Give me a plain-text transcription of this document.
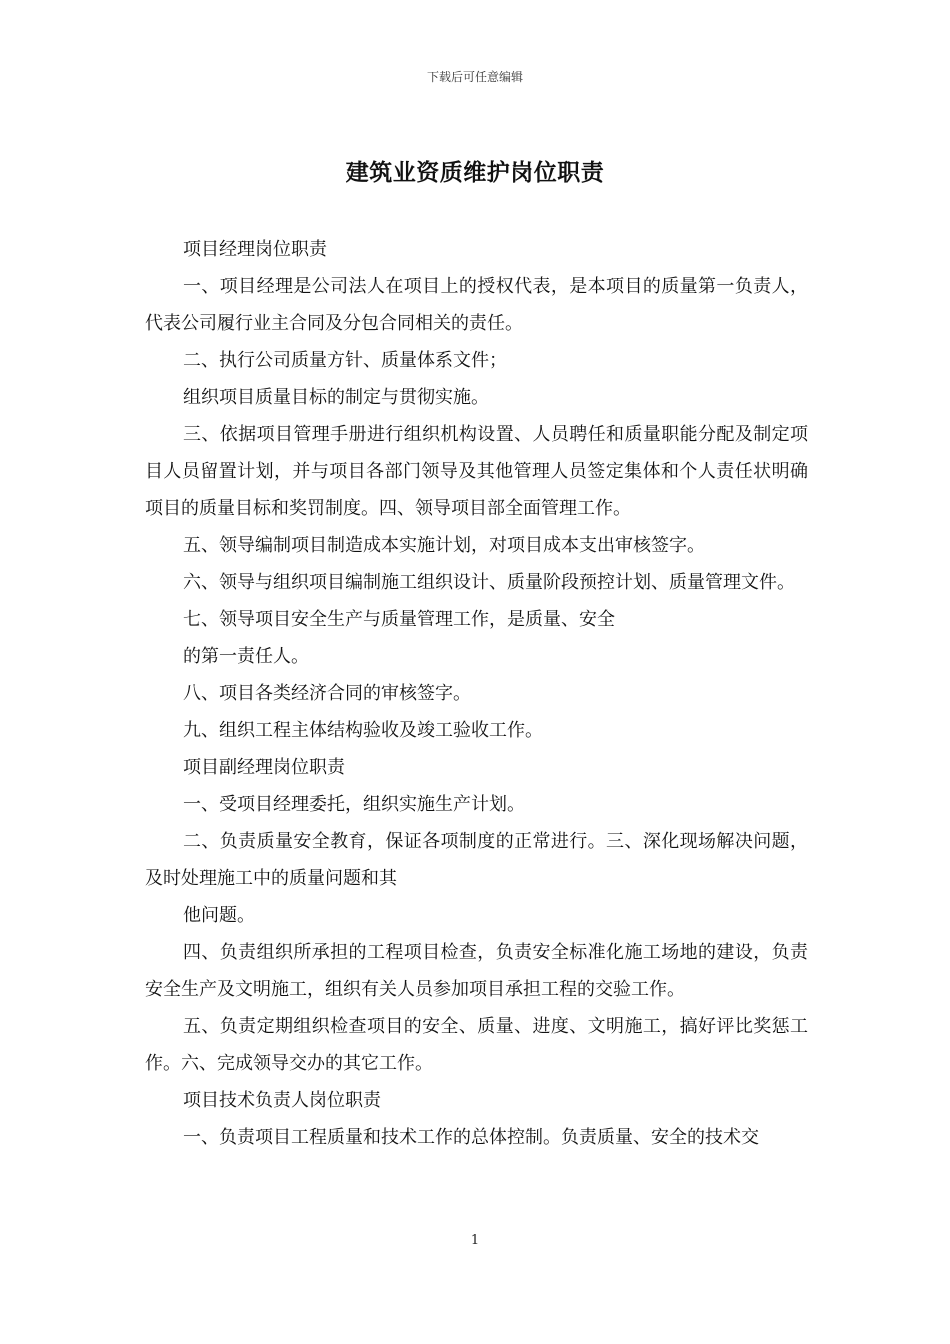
下载后可任意编辑
建筑业资质维护岗位职责

项目经理岗位职责

一、项目经理是公司法人在项目上的授权代表，是本项目的质量第一负责人，代表公司履行业主合同及分包合同相关的责任。

二、执行公司质量方针、质量体系文件；

组织项目质量目标的制定与贯彻实施。

三、依据项目管理手册进行组织机构设置、人员聘任和质量职能分配及制定项目人员留置计划，并与项目各部门领导及其他管理人员签定集体和个人责任状明确项目的质量目标和奖罚制度。四、领导项目部全面管理工作。

五、领导编制项目制造成本实施计划，对项目成本支出审核签字。

六、领导与组织项目编制施工组织设计、质量阶段预控计划、质量管理文件。

七、领导项目安全生产与质量管理工作，是质量、安全

的第一责任人。

八、项目各类经济合同的审核签字。

九、组织工程主体结构验收及竣工验收工作。

项目副经理岗位职责

一、受项目经理委托，组织实施生产计划。

二、负责质量安全教育，保证各项制度的正常进行。三、深化现场解决问题，及时处理施工中的质量问题和其

他问题。

四、负责组织所承担的工程项目检查，负责安全标准化施工场地的建设，负责安全生产及文明施工，组织有关人员参加项目承担工程的交验工作。

五、负责定期组织检查项目的安全、质量、进度、文明施工，搞好评比奖惩工作。六、完成领导交办的其它工作。

项目技术负责人岗位职责

一、负责项目工程质量和技术工作的总体控制。负责质量、安全的技术交

1
